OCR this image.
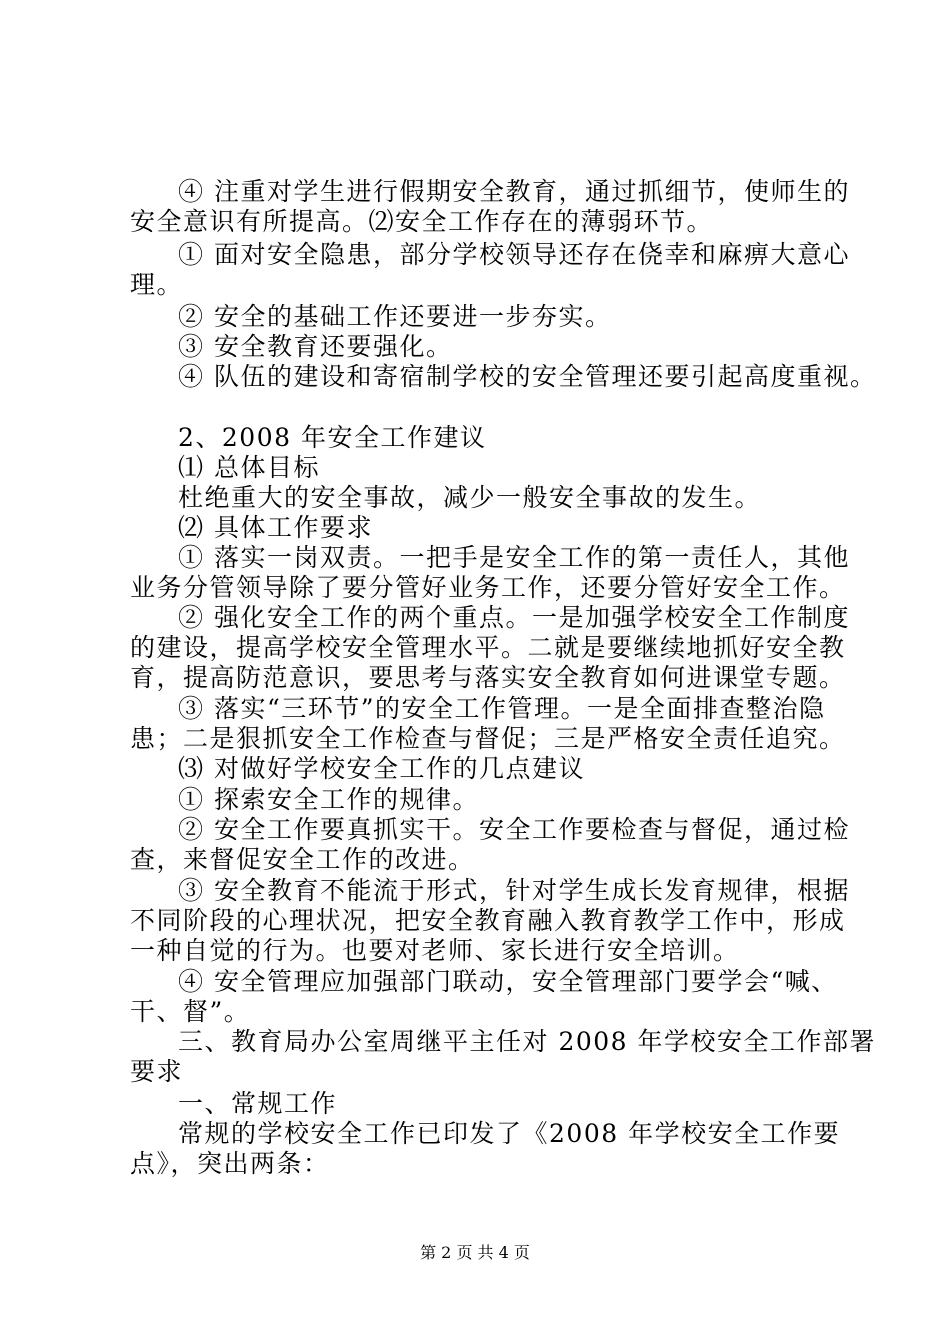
④ 注重对学生进行假期安全教育，通过抓细节，使师生的
安全意识有所提高。⑵安全工作存在的薄弱环节。
① 面对安全隐患，部分学校领导还存在侥幸和麻痹大意心
理。
② 安全的基础工作还要进一步夯实。
③ 安全教育还要强化。
④ 队伍的建设和寄宿制学校的安全管理还要引起高度重视。
2、2008 年安全工作建议
⑴ 总体目标
杜绝重大的安全事故，减少一般安全事故的发生。
⑵ 具体工作要求
① 落实一岗双责。一把手是安全工作的第一责任人，其他
业务分管领导除了要分管好业务工作，还要分管好安全工作。
② 强化安全工作的两个重点。一是加强学校安全工作制度
的建设，提高学校安全管理水平。二就是要继续地抓好安全教
育，提高防范意识，要思考与落实安全教育如何进课堂专题。
③ 落实“三环节”的安全工作管理。一是全面排查整治隐
患；二是狠抓安全工作检查与督促；三是严格安全责任追究。
⑶ 对做好学校安全工作的几点建议
① 探索安全工作的规律。
② 安全工作要真抓实干。安全工作要检查与督促，通过检
查，来督促安全工作的改进。
③ 安全教育不能流于形式，针对学生成长发育规律，根据
不同阶段的心理状况，把安全教育融入教育教学工作中，形成
一种自觉的行为。也要对老师、家长进行安全培训。
④ 安全管理应加强部门联动，安全管理部门要学会“喊、
干、督”。
三、教育局办公室周继平主任对 2008 年学校安全工作部署
要求
一、常规工作
常规的学校安全工作已印发了《2008 年学校安全工作要
点》，突出两条：
第 2 页 共 4 页
